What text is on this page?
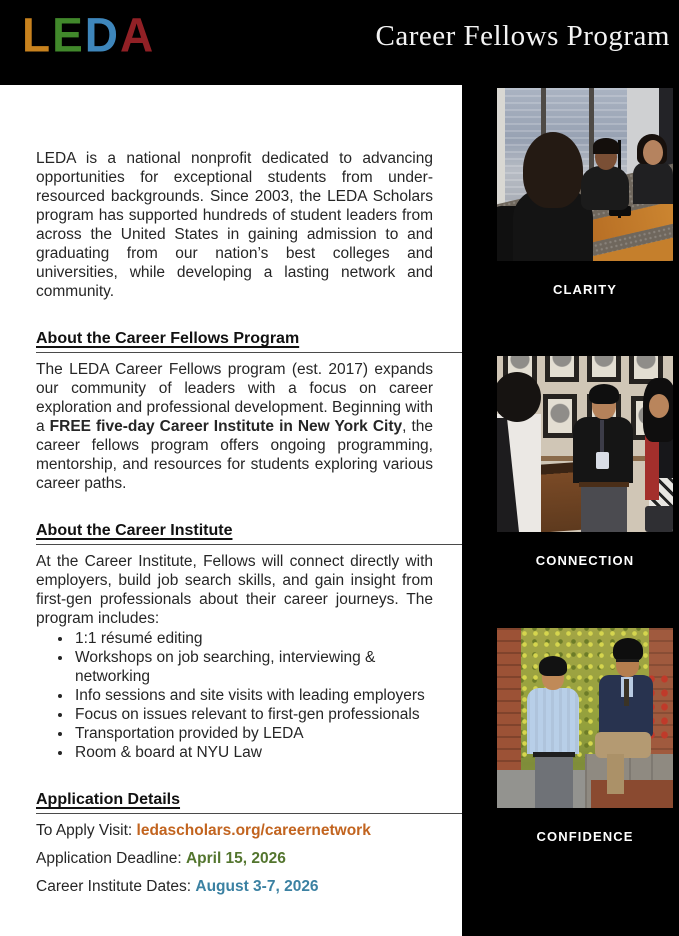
LEDA	Career Fellows Program

LEDA is a national nonprofit dedicated to advancing opportunities for exceptional students from under-resourced backgrounds. Since 2003, the LEDA Scholars program has supported hundreds of student leaders from across the United States in gaining admission to and graduating from our nation’s best colleges and universities, while developing a lasting network and community.

About the Career Fellows Program

The LEDA Career Fellows program (est. 2017) expands our community of leaders with a focus on career exploration and professional development. Beginning with a FREE five-day Career Institute in New York City, the career fellows program offers ongoing programming, mentorship, and resources for students exploring various career paths.

About the Career Institute

At the Career Institute, Fellows will connect directly with employers, build job search skills, and gain insight from first-gen professionals about their career journeys. The program includes:

• 1:1 résumé editing
• Workshops on job searching, interviewing & networking
• Info sessions and site visits with leading employers
• Focus on issues relevant to first-gen professionals
• Transportation provided by LEDA
• Room & board at NYU Law
Application Details

To Apply Visit: ledascholars.org/careernetwork

Application Deadline: April 15, 2026

Career Institute Dates: August 3-7, 2026

CLARITY
CONNECTION
CONFIDENCE
